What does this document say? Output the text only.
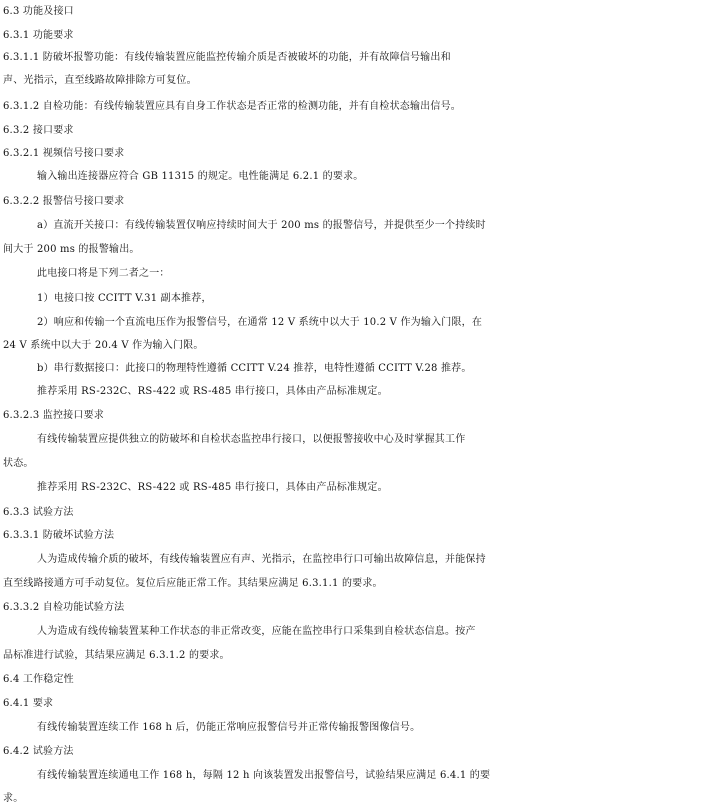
6.3 功能及接口
6.3.1 功能要求
6.3.1.1 防破坏报警功能：有线传输装置应能监控传输介质是否被破坏的功能，并有故障信号输出和
声、光指示，直至线路故障排除方可复位。
6.3.1.2 自检功能：有线传输装置应具有自身工作状态是否正常的检测功能，并有自检状态输出信号。
6.3.2 接口要求
6.3.2.1 视频信号接口要求
输入输出连接器应符合 GB 11315 的规定。电性能满足 6.2.1 的要求。
6.3.2.2 报警信号接口要求
a）直流开关接口：有线传输装置仅响应持续时间大于 200 ms 的报警信号，并提供至少一个持续时
间大于 200 ms 的报警输出。
此电接口将是下列二者之一：
1）电接口按 CCITT V.31 副本推荐，
2）响应和传输一个直流电压作为报警信号，在通常 12 V 系统中以大于 10.2 V 作为输入门限，在
24 V 系统中以大于 20.4 V 作为输入门限。
b）串行数据接口：此接口的物理特性遵循 CCITT V.24 推荐，电特性遵循 CCITT V.28 推荐。
推荐采用 RS-232C、RS-422 或 RS-485 串行接口，具体由产品标准规定。
6.3.2.3 监控接口要求
有线传输装置应提供独立的防破坏和自检状态监控串行接口，以便报警接收中心及时掌握其工作
状态。
推荐采用 RS-232C、RS-422 或 RS-485 串行接口，具体由产品标准规定。
6.3.3 试验方法
6.3.3.1 防破坏试验方法
人为造成传输介质的破坏，有线传输装置应有声、光指示，在监控串行口可输出故障信息，并能保持
直至线路接通方可手动复位。复位后应能正常工作。其结果应满足 6.3.1.1 的要求。
6.3.3.2 自检功能试验方法
人为造成有线传输装置某种工作状态的非正常改变，应能在监控串行口采集到自检状态信息。按产
品标准进行试验，其结果应满足 6.3.1.2 的要求。
6.4 工作稳定性
6.4.1 要求
有线传输装置连续工作 168 h 后，仍能正常响应报警信号并正常传输报警图像信号。
6.4.2 试验方法
有线传输装置连续通电工作 168 h，每隔 12 h 向该装置发出报警信号，试验结果应满足 6.4.1 的要
求。
